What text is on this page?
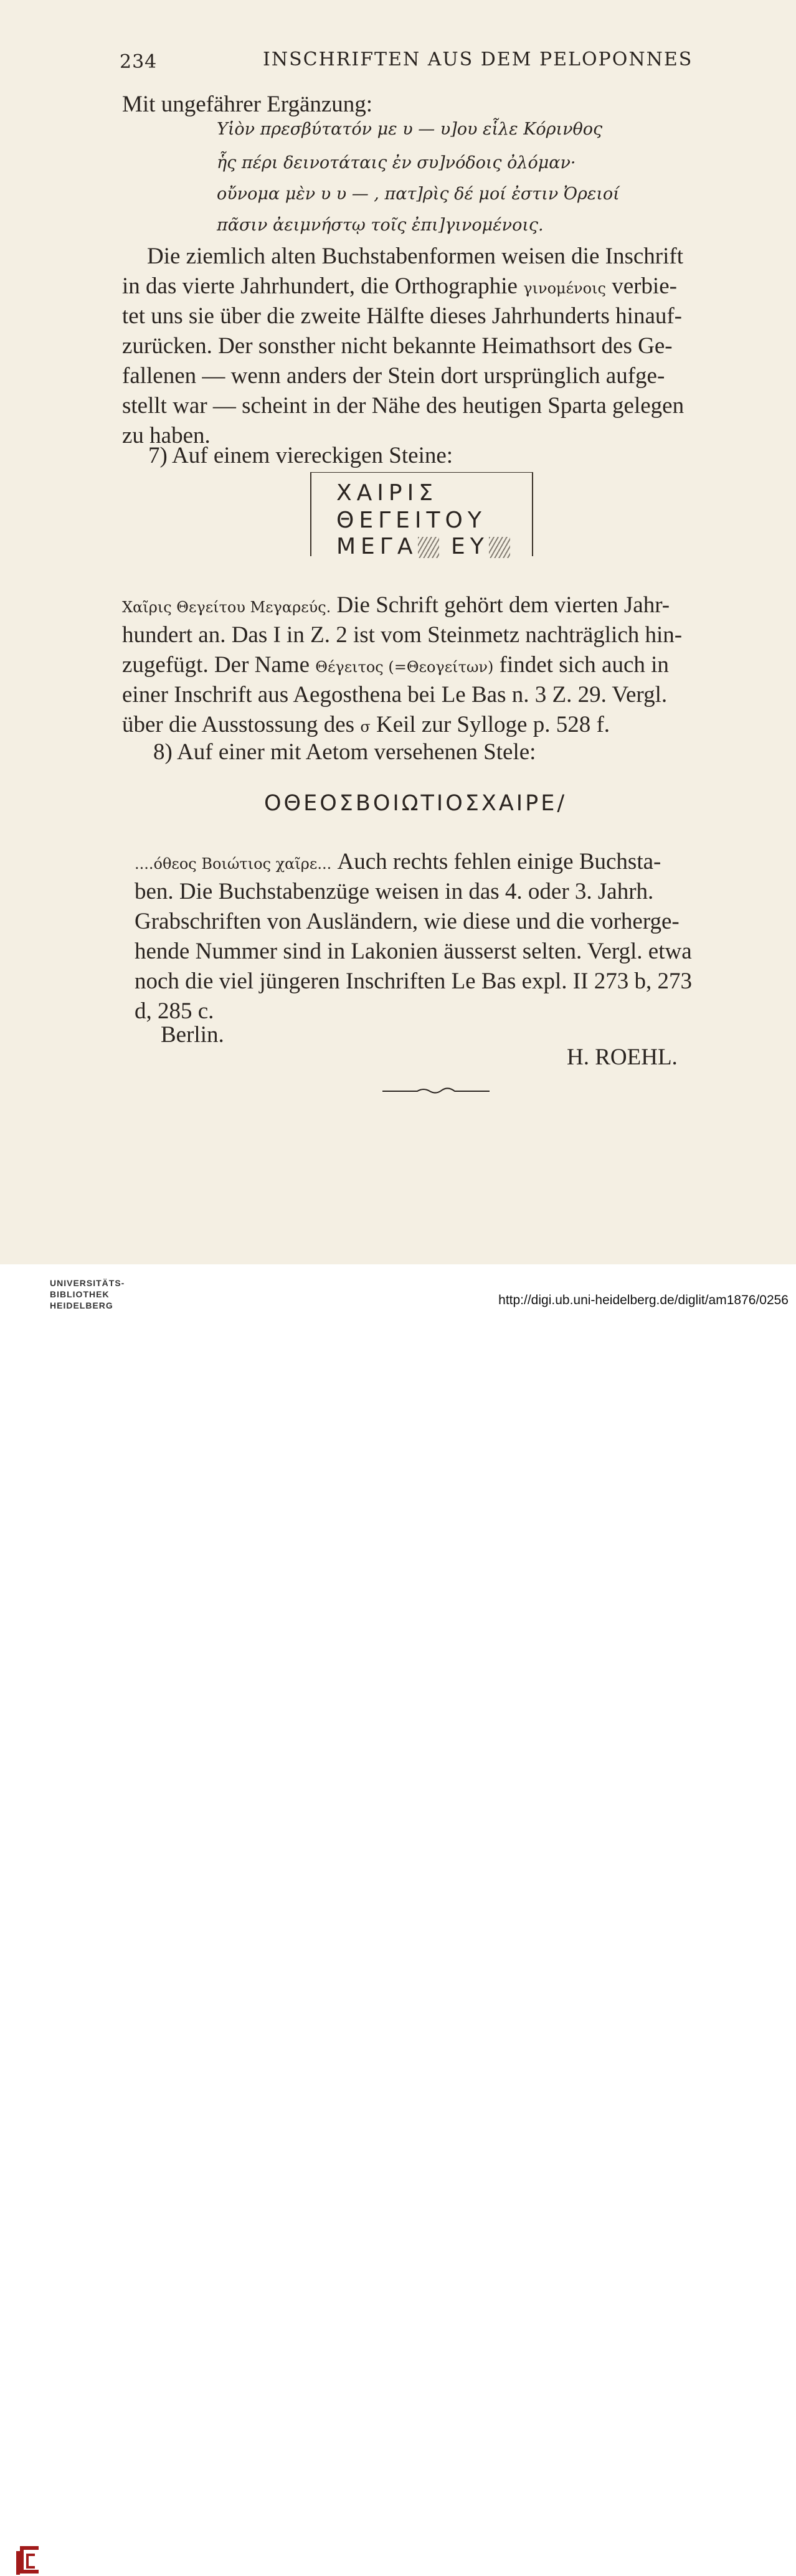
234	INSCHRIFTEN AUS DEM PELOPONNES
Mit ungefährer Ergänzung:
Υἱὸν πρεσβύτατόν με υ — υ]ου εἷλε Κόρινθος
ἧς πέρι δεινοτάταις ἐν συ]νόδοις ὀλόμαν·
οὔνομα μὲν υ υ — , πατ]ρὶς δέ μοί ἐστιν Ὀρειοί
πᾶσιν ἀειμνήστῳ τοῖς ἐπι]γινομένοις.
Die ziemlich alten Buchstabenformen weisen die Inschrift
in das vierte Jahrhundert, die Orthographie γινομένοις verbie-
tet uns sie über die zweite Hälfte dieses Jahrhunderts hinauf-
zurücken. Der sonsther nicht bekannte Heimathsort des Ge-
fallenen — wenn anders der Stein dort ursprünglich aufge-
stellt war — scheint in der Nähe des heutigen Sparta gelegen
zu haben.
7) Auf einem viereckigen Steine:
ΧΑΙΡΙΣ
ΘΕΓΕΙΤΟΥ
ΜΕΓΑ ΕΥ
Χαῖρις Θεγείτου Μεγαρεύς. Die Schrift gehört dem vierten Jahr-
hundert an. Das Ι in Z. 2 ist vom Steinmetz nachträglich hin-
zugefügt. Der Name Θέγειτος (=Θεογείτων) findet sich auch in
einer Inschrift aus Aegosthena bei Le Bas n. 3 Z. 29. Vergl.
über die Ausstossung des σ Keil zur Sylloge p. 528 f.
8) Auf einer mit Aetom versehenen Stele:
ΟΘΕΟΣΒΟΙΩΤΙΟΣΧΑΙΡΕ/
....όθεος Βοιώτιος χαῖρε... Auch rechts fehlen einige Buchsta-
ben. Die Buchstabenzüge weisen in das 4. oder 3. Jahrh.
Grabschriften von Ausländern, wie diese und die vorherge-
hende Nummer sind in Lakonien äusserst selten. Vergl. etwa
noch die viel jüngeren Inschriften Le Bas expl. II 273 b, 273
d, 285 c.
Berlin.
H. ROEHL.
UNIVERSITÄTS-
BIBLIOTHEK
HEIDELBERG	http://digi.ub.uni-heidelberg.de/diglit/am1876/0256
